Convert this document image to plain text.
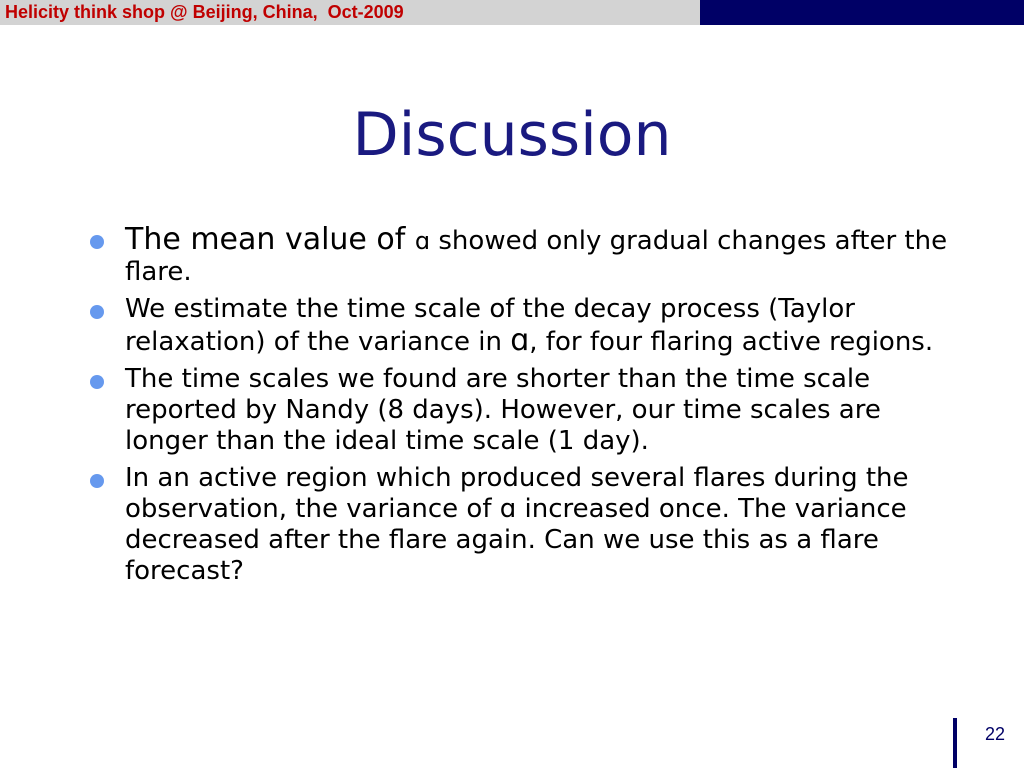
Helicity think shop @ Beijing, China,  Oct-2009
Discussion
The mean value of ɑ showed only gradual changes after the flare.
We estimate the time scale of the decay process (Taylor relaxation) of the variance in ɑ, for four flaring active regions.
The time scales we found are shorter than the time scale reported by Nandy (8 days). However, our time scales are longer than the ideal time scale (1 day).
In an active region which produced several flares during the observation, the variance of ɑ increased once. The variance decreased after the flare again. Can we use this as a flare forecast?
22
